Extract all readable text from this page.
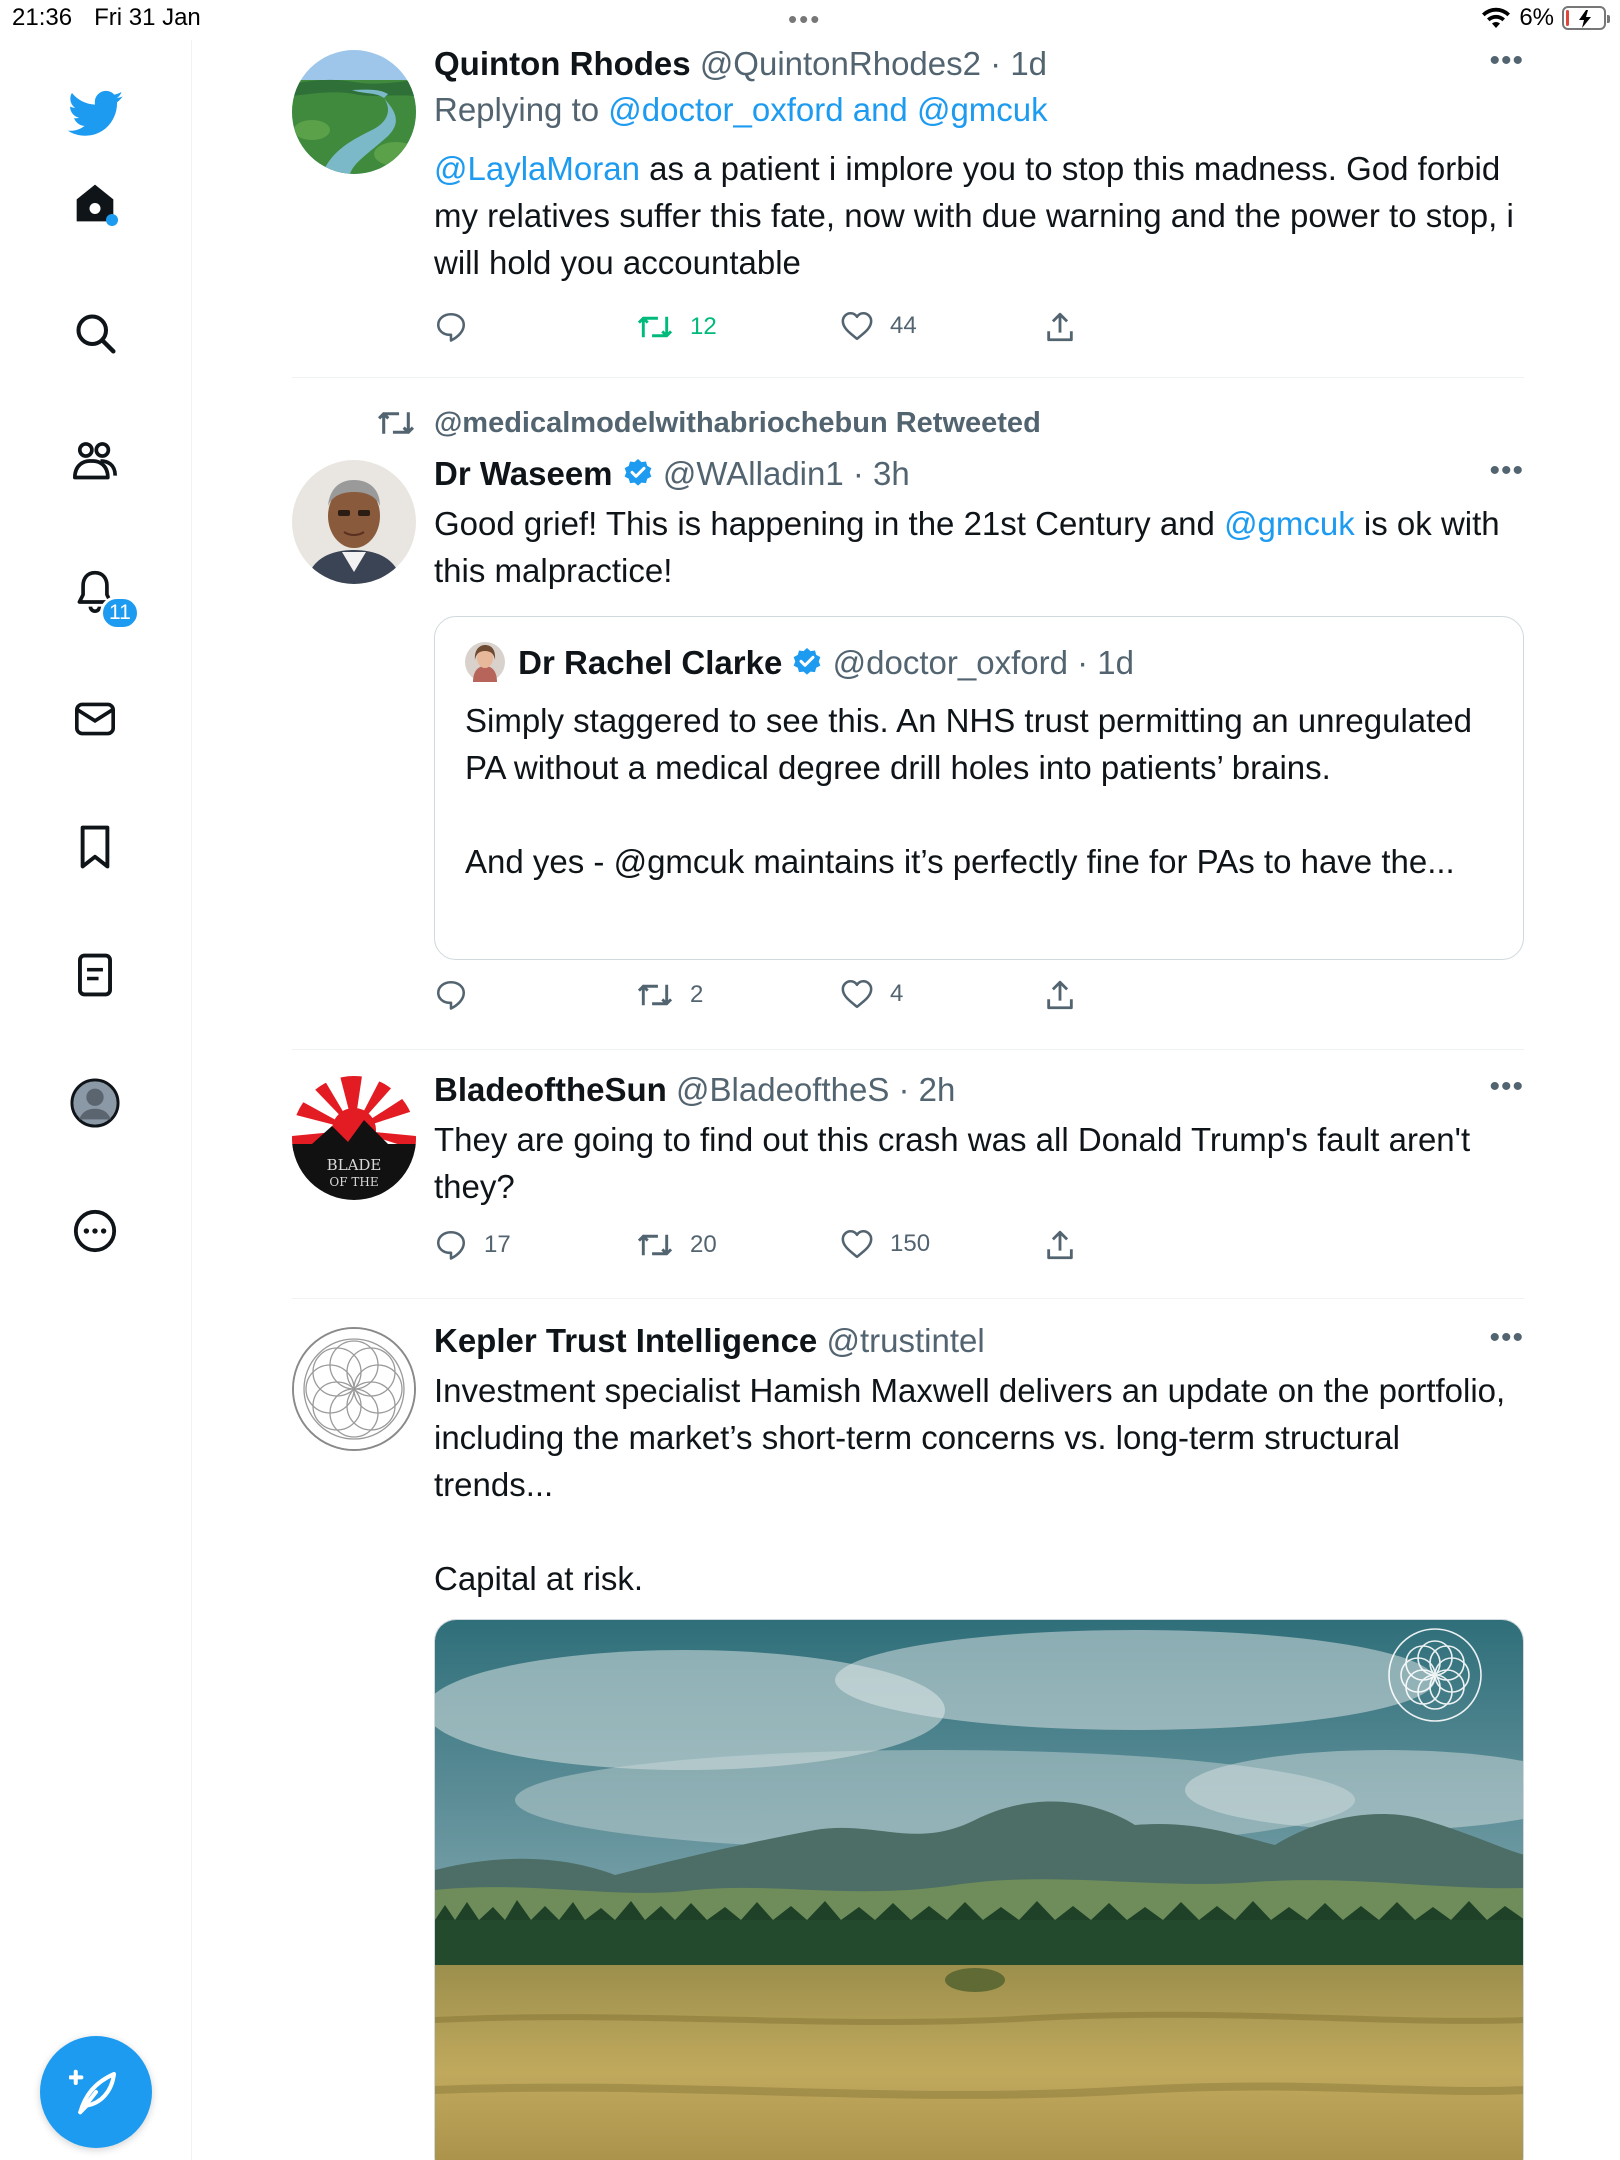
21:36 Fri 31 Jan	•••	6%
11
Quinton Rhodes @QuintonRhodes2 · 1d	•••
Replying to @doctor_oxford and @gmcuk
@LaylaMoran as a patient i implore you to stop this madness. God forbid my relatives suffer this fate, now with due warning and the power to stop, i will hold you accountable
12	44
@medicalmodelwithabriochebun Retweeted
Dr Waseem @WAlladin1 · 3h	•••
Good grief! This is happening in the 21st Century and @gmcuk is ok with this malpractice!
Dr Rachel Clarke @doctor_oxford · 1d
Simply staggered to see this. An NHS trust permitting an unregulated PA without a medical degree drill holes into patients’ brains.

And yes - @gmcuk maintains it’s perfectly fine for PAs to have the...
2	4
BLADE
OF THE
BladeoftheSun @BladeoftheS · 2h	•••
They are going to find out this crash was all Donald Trump's fault aren't they?
17	20	150
Kepler Trust Intelligence @trustintel	•••
Investment specialist Hamish Maxwell delivers an update on the portfolio, including the market’s short-term concerns vs. long-term structural trends...

Capital at risk.
